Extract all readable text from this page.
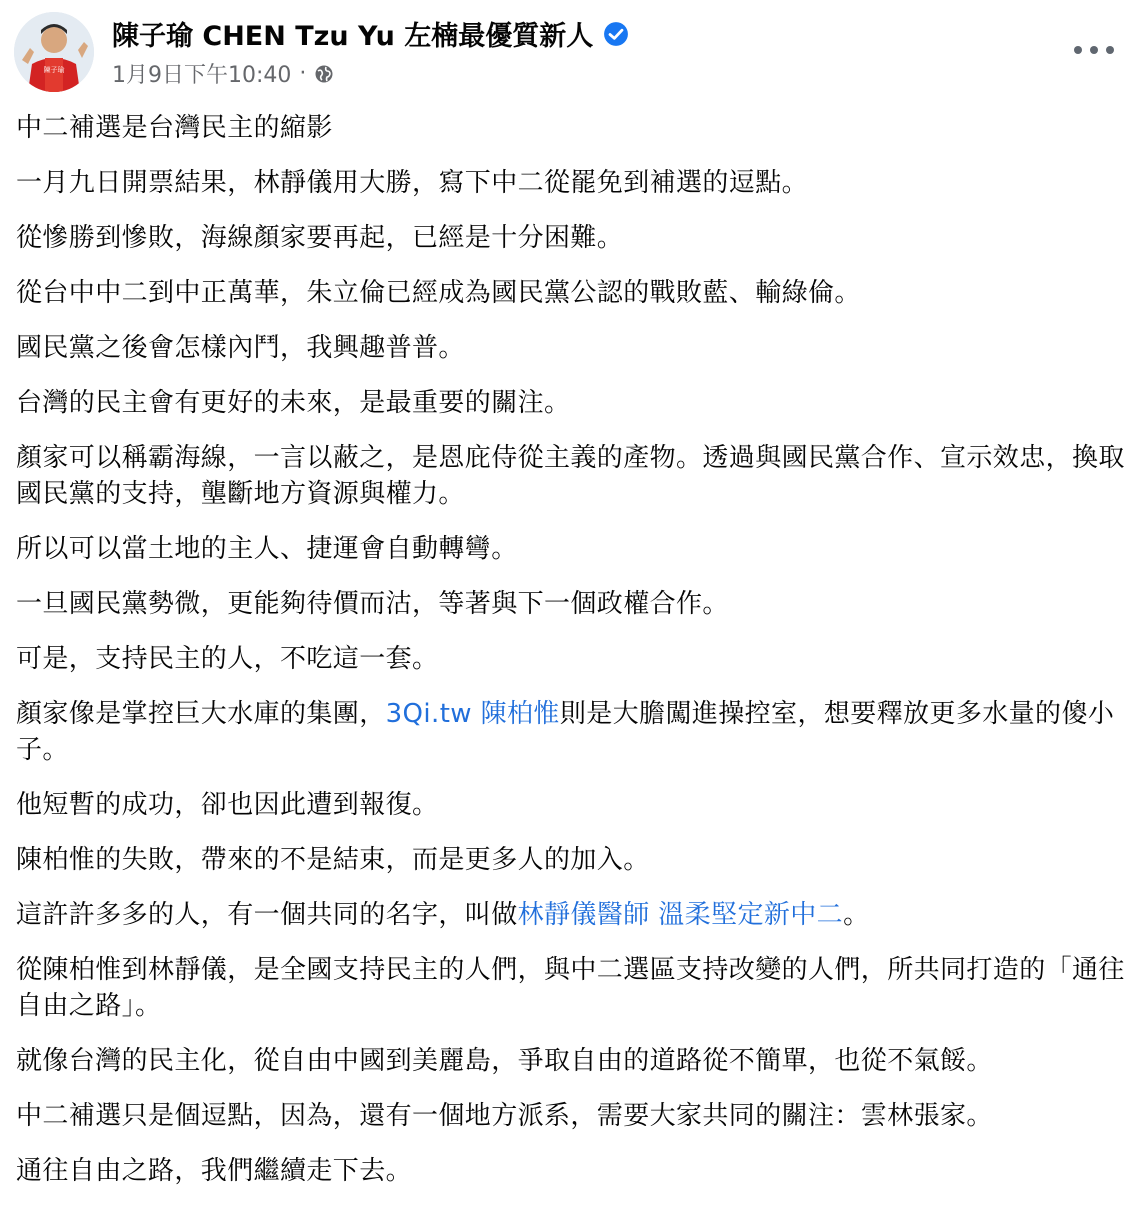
陳子瑜
陳子瑜 CHEN Tzu Yu 左楠最優質新人
1月9日下午10:40 ·

中二補選是台灣民主的縮影

一月九日開票結果，林靜儀用大勝，寫下中二從罷免到補選的逗點。

從慘勝到慘敗，海線顏家要再起，已經是十分困難。

從台中中二到中正萬華，朱立倫已經成為國民黨公認的戰敗藍、輸綠倫。

國民黨之後會怎樣內鬥，我興趣普普。

台灣的民主會有更好的未來，是最重要的關注。

顏家可以稱霸海線，一言以蔽之，是恩庇侍從主義的產物。透過與國民黨合作、宣示效忠，換取國民黨的支持，壟斷地方資源與權力。

所以可以當土地的主人、捷運會自動轉彎。

一旦國民黨勢微，更能夠待價而沽，等著與下一個政權合作。

可是，支持民主的人，不吃這一套。

顏家像是掌控巨大水庫的集團，3Qi.tw 陳柏惟則是大膽闖進操控室，想要釋放更多水量的傻小子。

他短暫的成功，卻也因此遭到報復。

陳柏惟的失敗，帶來的不是結束，而是更多人的加入。

這許許多多的人，有一個共同的名字，叫做林靜儀醫師 溫柔堅定新中二。

從陳柏惟到林靜儀，是全國支持民主的人們，與中二選區支持改變的人們，所共同打造的「通往自由之路」。

就像台灣的民主化，從自由中國到美麗島，爭取自由的道路從不簡單，也從不氣餒。

中二補選只是個逗點，因為，還有一個地方派系，需要大家共同的關注：雲林張家。

通往自由之路，我們繼續走下去。
